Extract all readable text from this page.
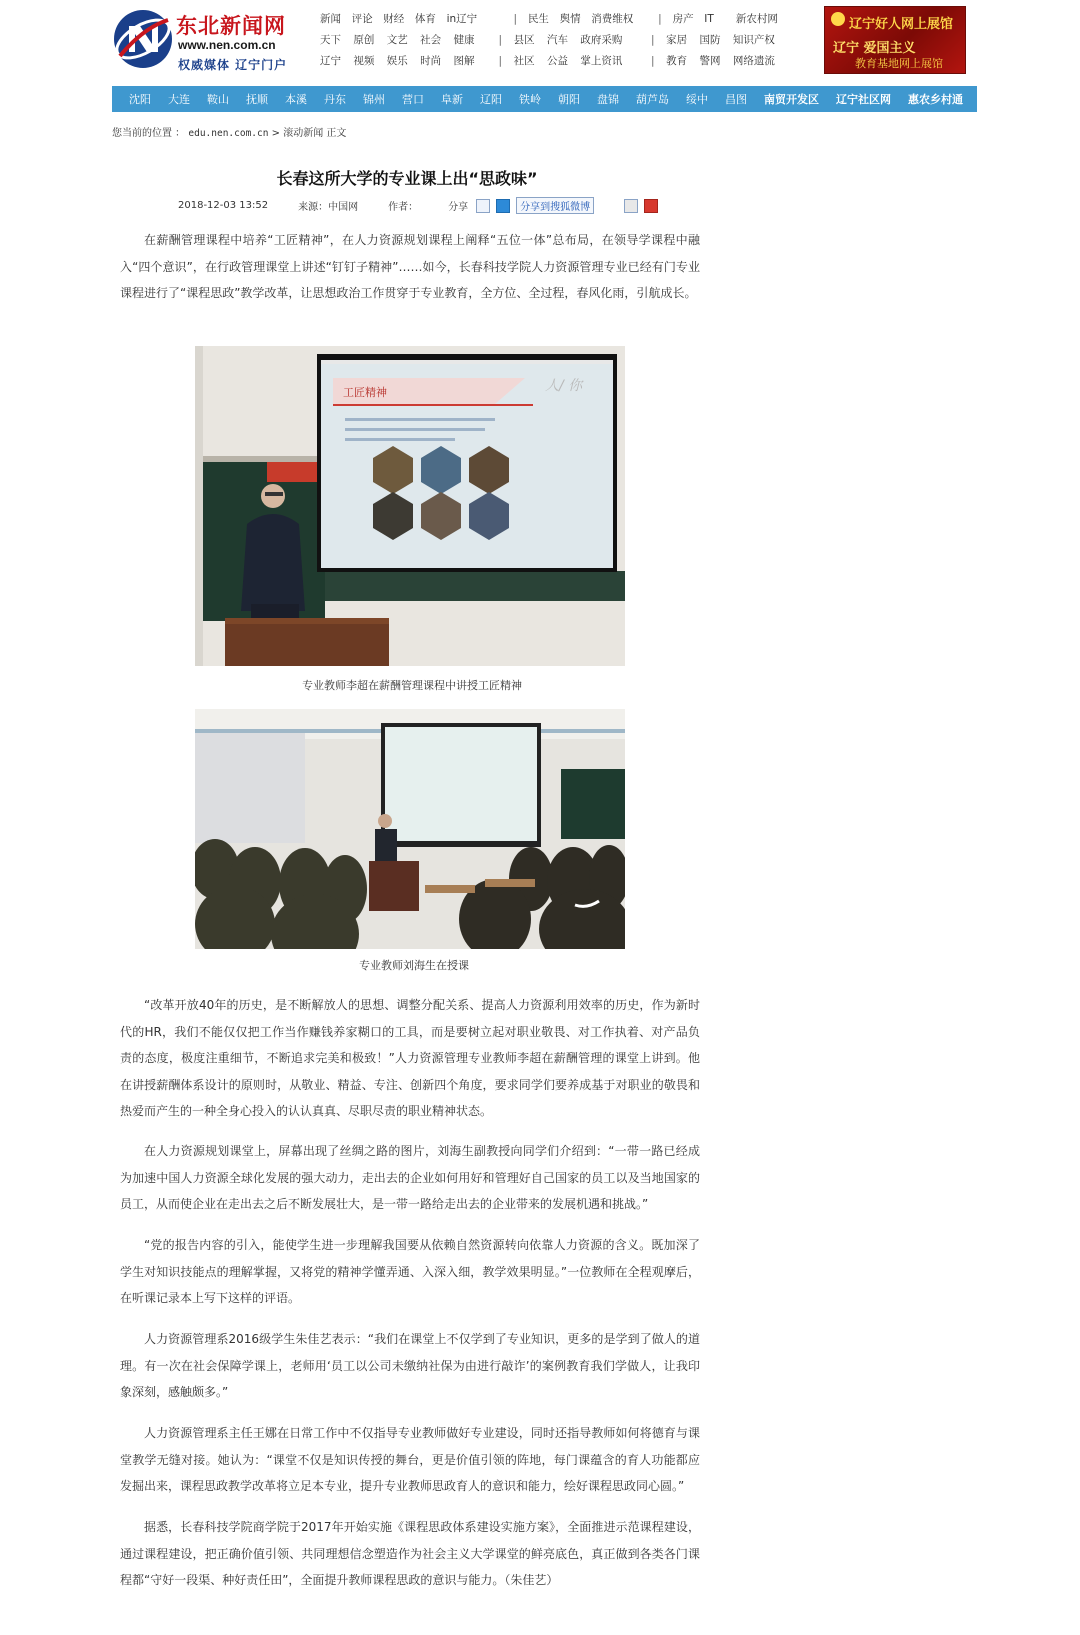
东北新闻网
www.nen.com.cn
权威媒体 辽宁门户
新闻	评论	财经	体育	in辽宁	|	民生	舆情	消费维权	|	房产	IT	新农村网
天下	原创	文艺	社会	健康	|	县区	汽车	政府采购	|	家居	国防	知识产权
辽宁	视频	娱乐	时尚	图解	|	社区	公益	掌上资讯	|	教育	警网	网络遗流
辽宁好人网上展馆
辽宁 爱国主义
教育基地网上展馆
沈阳 大连 鞍山 抚顺 本溪 丹东 锦州 营口 阜新 辽阳 铁岭 朝阳 盘锦 葫芦岛 绥中 昌图 南贸开发区 辽宁社区网 惠农乡村通
您当前的位置 ： edu.nen.com.cn > 滚动新闻 正文
长春这所大学的专业课上出“思政味”
2018-12-03 13:52	来源：中国网	作者：	分享	分享到搜狐微博

在薪酬管理课程中培养“工匠精神”，在人力资源规划课程上阐释“五位一体”总布局，在领导学课程中融入“四个意识”，在行政管理课堂上讲述“钉钉子精神”……如今，长春科技学院人力资源管理专业已经有门专业课程进行了“课程思政”教学改革，让思想政治工作贯穿于专业教育，全方位、全过程，春风化雨，引航成长。

工匠精神	人/ 你
专业教师李超在薪酬管理课程中讲授工匠精神
专业教师刘海生在授课

“改革开放40年的历史，是不断解放人的思想、调整分配关系、提高人力资源利用效率的历史，作为新时代的HR，我们不能仅仅把工作当作赚钱养家糊口的工具，而是要树立起对职业敬畏、对工作执着、对产品负责的态度，极度注重细节，不断追求完美和极致！”人力资源管理专业教师李超在薪酬管理的课堂上讲到。他在讲授薪酬体系设计的原则时，从敬业、精益、专注、创新四个角度，要求同学们要养成基于对职业的敬畏和热爱而产生的一种全身心投入的认认真真、尽职尽责的职业精神状态。

在人力资源规划课堂上，屏幕出现了丝绸之路的图片，刘海生副教授向同学们介绍到：“一带一路已经成为加速中国人力资源全球化发展的强大动力，走出去的企业如何用好和管理好自己国家的员工以及当地国家的员工，从而使企业在走出去之后不断发展壮大，是一带一路给走出去的企业带来的发展机遇和挑战。”

“党的报告内容的引入，能使学生进一步理解我国要从依赖自然资源转向依靠人力资源的含义。既加深了学生对知识技能点的理解掌握，又将党的精神学懂弄通、入深入细，教学效果明显。”一位教师在全程观摩后，在听课记录本上写下这样的评语。

人力资源管理系2016级学生朱佳艺表示：“我们在课堂上不仅学到了专业知识，更多的是学到了做人的道理。有一次在社会保障学课上，老师用‘员工以公司未缴纳社保为由进行敲诈’的案例教育我们学做人，让我印象深刻，感触颇多。”

人力资源管理系主任王娜在日常工作中不仅指导专业教师做好专业建设，同时还指导教师如何将德育与课堂教学无缝对接。她认为：“课堂不仅是知识传授的舞台，更是价值引领的阵地，每门课蕴含的育人功能都应发掘出来，课程思政教学改革将立足本专业，提升专业教师思政育人的意识和能力，绘好课程思政同心圆。”

据悉，长春科技学院商学院于2017年开始实施《课程思政体系建设实施方案》，全面推进示范课程建设，通过课程建设，把正确价值引领、共同理想信念塑造作为社会主义大学课堂的鲜亮底色，真正做到各类各门课程都“守好一段渠、种好责任田”，全面提升教师课程思政的意识与能力。（朱佳艺）
